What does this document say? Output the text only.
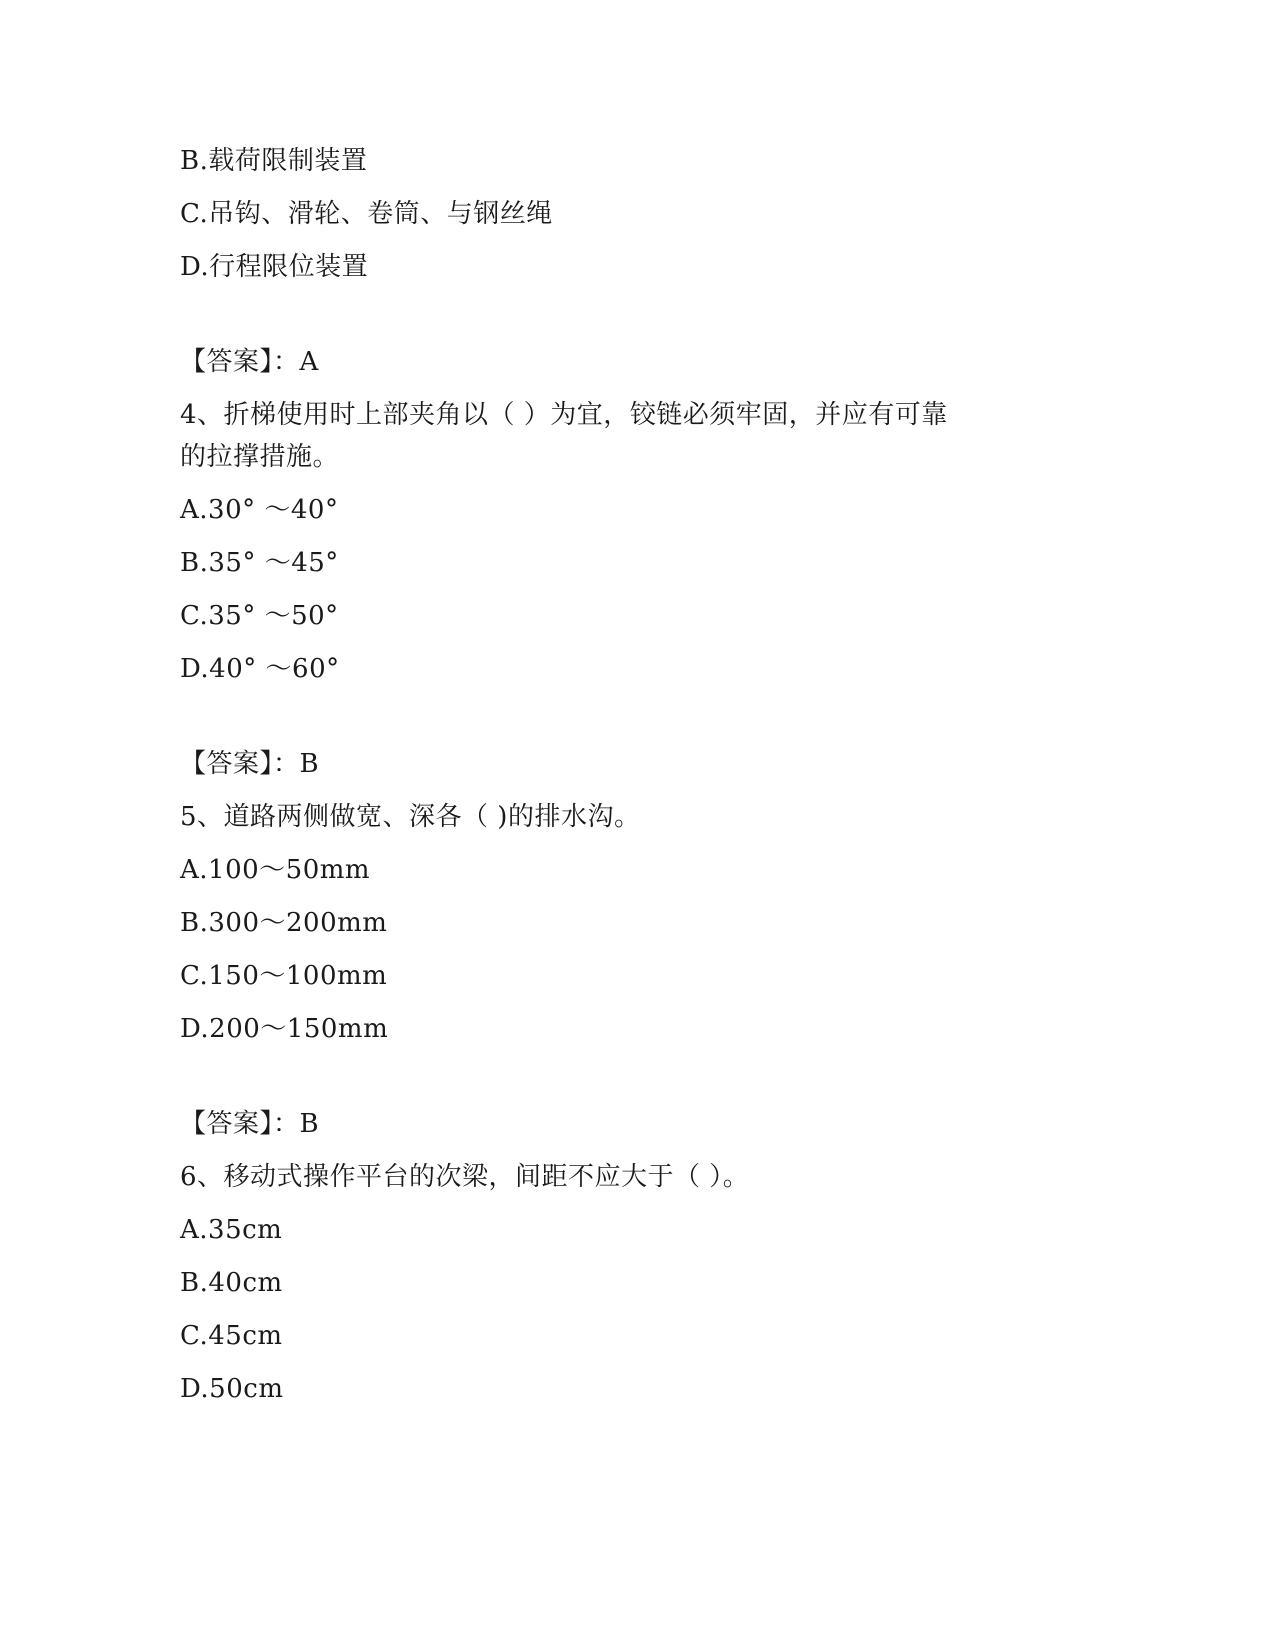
B.载荷限制装置

C.吊钩、滑轮、卷筒、与钢丝绳

D.行程限位装置

【答案】：A

4、折梯使用时上部夹角以（ ）为宜，铰链必须牢固，并应有可靠

的拉撑措施。

A.30° ～40°

B.35° ～45°

C.35° ～50°

D.40° ～60°

【答案】：B

5、道路两侧做宽、深各（ )的排水沟。

A.100～50mm

B.300～200mm

C.150～100mm

D.200～150mm

【答案】：B

6、移动式操作平台的次梁，间距不应大于（ ）。

A.35cm

B.40cm

C.45cm

D.50cm
